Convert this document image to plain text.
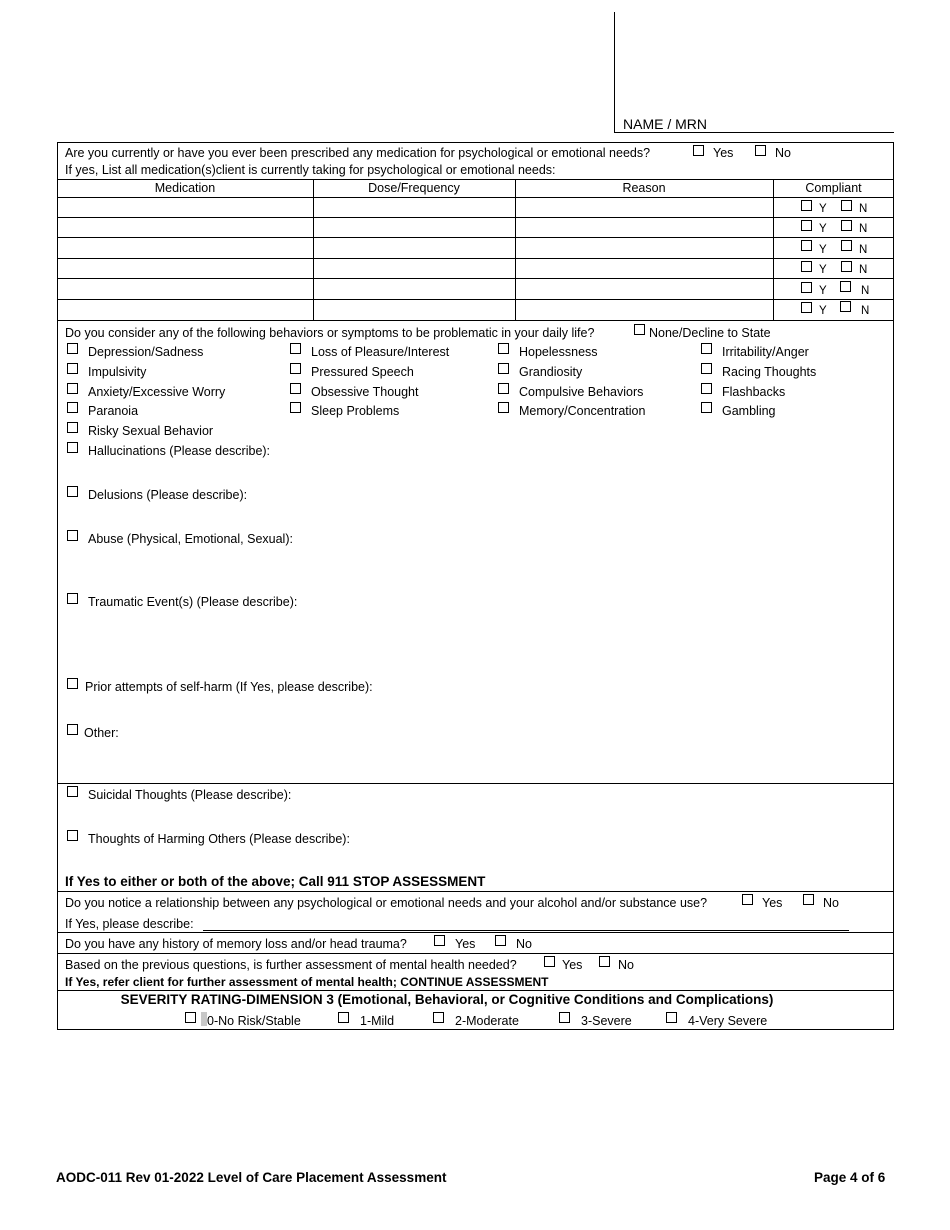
NAME / MRN
Are you currently or have you ever been prescribed any medication for psychological or emotional needs?	Yes	No
If yes, List all medication(s)client is currently taking for psychological or emotional needs:
Medication	Dose/Frequency	Reason	Compliant
Y	N
Y	N
Y	N
Y	N
Y	N
Y	N
Do you consider any of the following behaviors or symptoms to be problematic in your daily life?	None/Decline to State
Depression/Sadness	Loss of Pleasure/Interest	Hopelessness	Irritability/Anger
Impulsivity	Pressured Speech	Grandiosity	Racing Thoughts
Anxiety/Excessive Worry	Obsessive Thought	Compulsive Behaviors	Flashbacks
Paranoia	Sleep Problems	Memory/Concentration	Gambling
Risky Sexual Behavior
Hallucinations (Please describe):
Delusions (Please describe):
Abuse (Physical, Emotional, Sexual):
Traumatic Event(s) (Please describe):
Prior attempts of self-harm (If Yes, please describe):
Other:
Suicidal Thoughts (Please describe):
Thoughts of Harming Others (Please describe):
If Yes to either or both of the above; Call 911 STOP ASSESSMENT
Do you notice a relationship between any psychological or emotional needs and your alcohol and/or substance use?	Yes	No
If Yes, please describe:
Do you have any history of memory loss and/or head trauma?	Yes	No
Based on the previous questions, is further assessment of mental health needed?	Yes	No
If Yes, refer client for further assessment of mental health; CONTINUE ASSESSMENT
SEVERITY RATING-DIMENSION 3 (Emotional, Behavioral, or Cognitive Conditions and Complications)
0-No Risk/Stable	1-Mild	2-Moderate	3-Severe	4-Very Severe
AODC-011 Rev 01-2022 Level of Care Placement Assessment	Page 4 of 6
